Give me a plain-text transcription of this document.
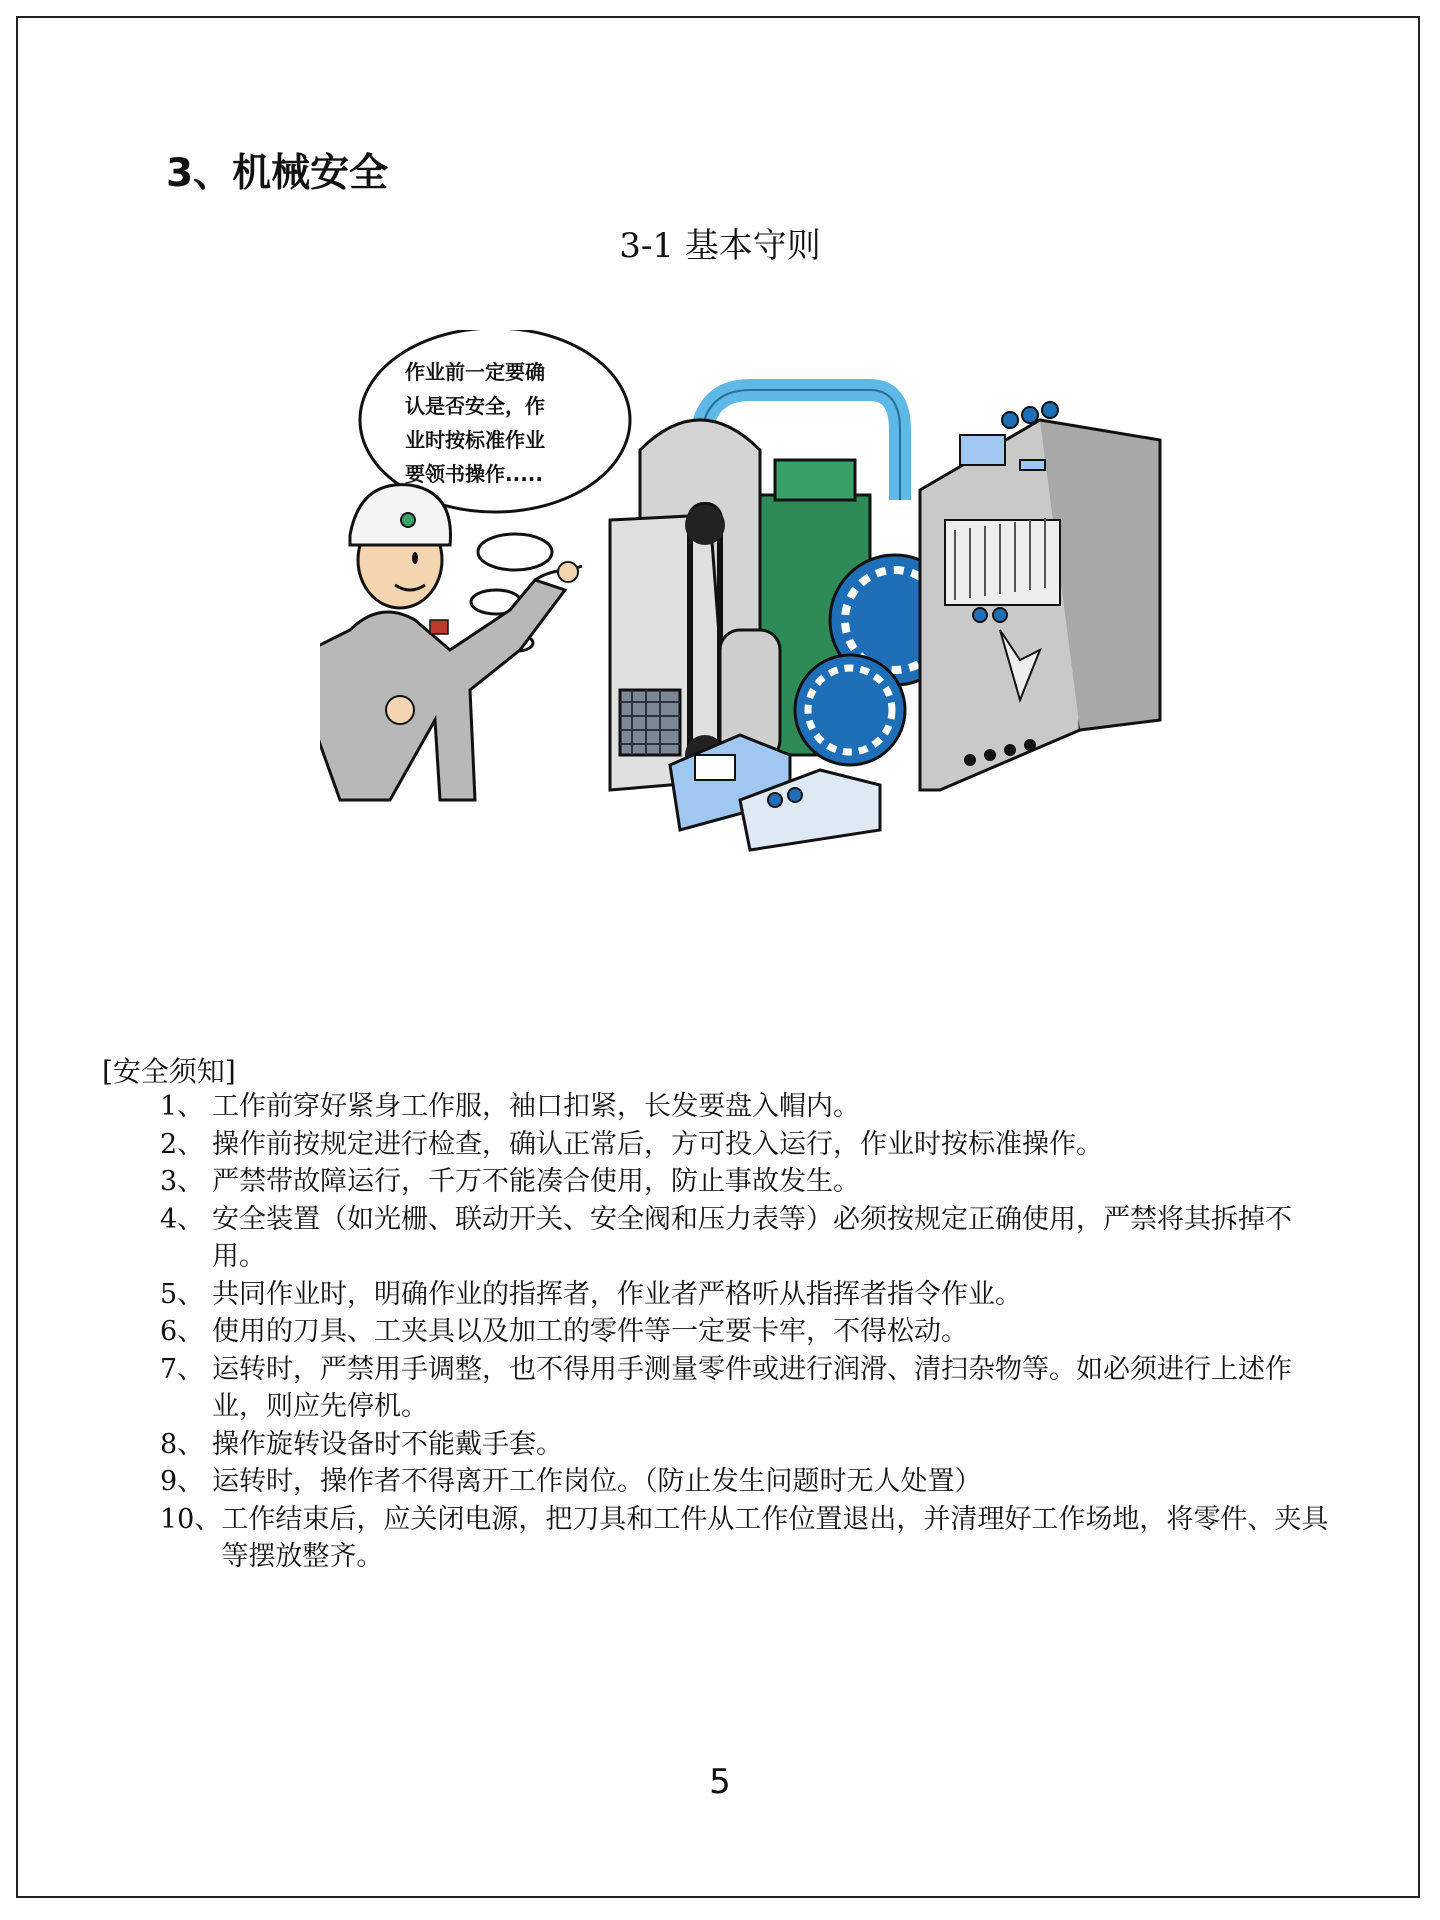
3、机械安全
3-1 基本守则
作业前一定要确
认是否安全，作
业时按标准作业
要领书操作.....
[安全须知]
1、 工作前穿好紧身工作服，袖口扣紧，长发要盘入帽内。
2、 操作前按规定进行检查，确认正常后，方可投入运行，作业时按标准操作。
3、 严禁带故障运行，千万不能凑合使用，防止事故发生。
4、 安全装置（如光栅、联动开关、安全阀和压力表等）必须按规定正确使用，严禁将其拆掉不用。
5、 共同作业时，明确作业的指挥者，作业者严格听从指挥者指令作业。
6、 使用的刀具、工夹具以及加工的零件等一定要卡牢，不得松动。
7、 运转时，严禁用手调整，也不得用手测量零件或进行润滑、清扫杂物等。如必须进行上述作业，则应先停机。
8、 操作旋转设备时不能戴手套。
9、 运转时，操作者不得离开工作岗位。（防止发生问题时无人处置）
10、 工作结束后，应关闭电源，把刀具和工件从工作位置退出，并清理好工作场地，将零件、夹具等摆放整齐。
5
